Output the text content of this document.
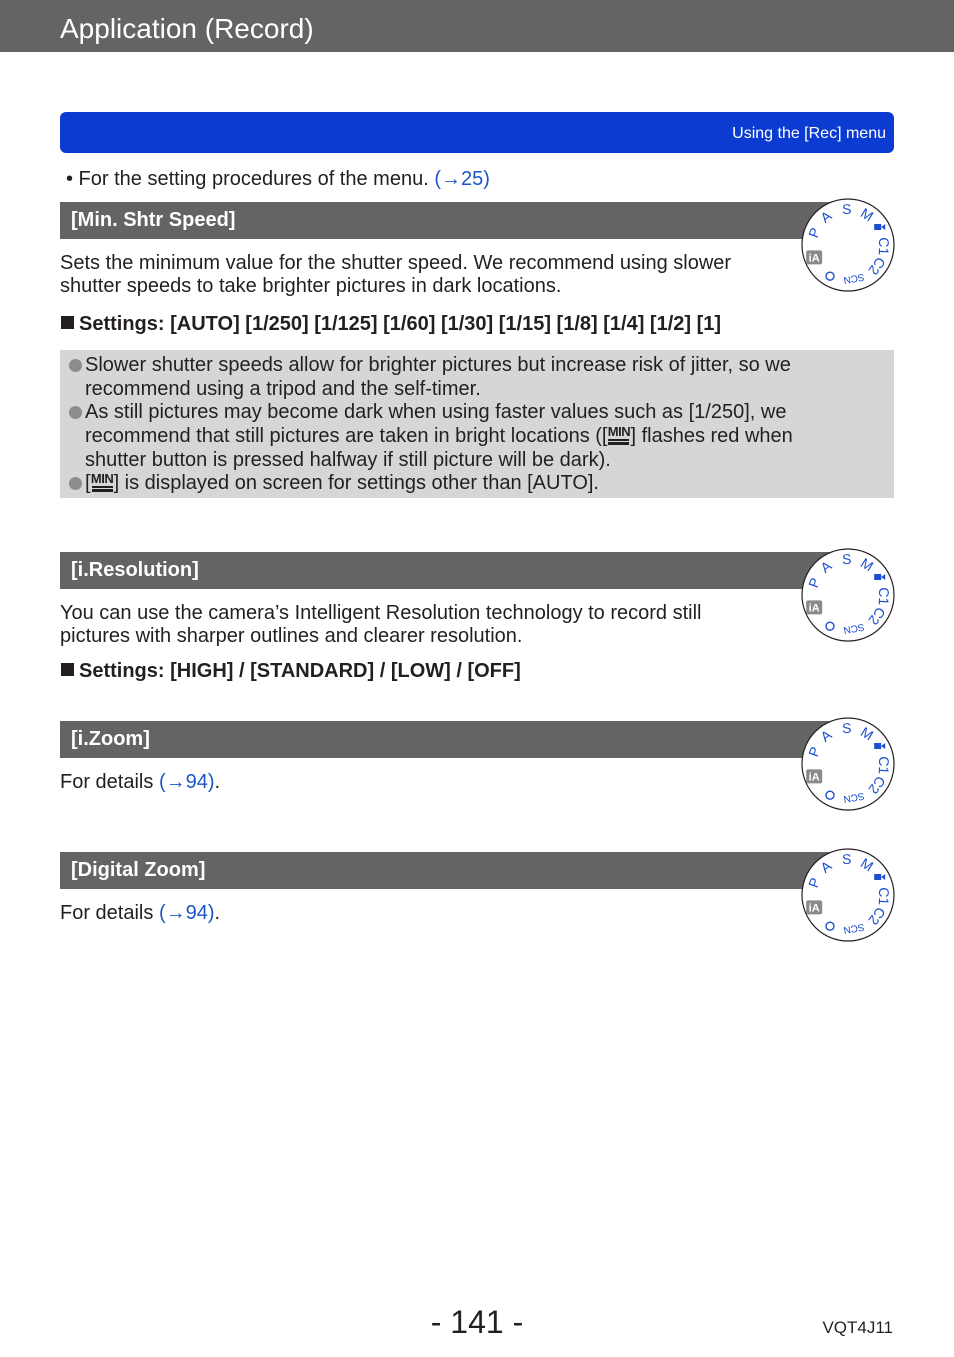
Application (Record)
Using the [Rec] menu
• For the setting procedures of the menu. (→25)
[Min. Shtr Speed]
P
A S M
C1
C2
SCN
iA
Sets the minimum value for the shutter speed. We recommend using slower
shutter speeds to take brighter pictures in dark locations.
Settings: [AUTO] [1/250] [1/125] [1/60] [1/30] [1/15] [1/8] [1/4] [1/2] [1]
Slower shutter speeds allow for brighter pictures but increase risk of jitter, so we
recommend using a tripod and the self-timer.
As still pictures may become dark when using faster values such as [1/250], we
recommend that still pictures are taken in bright locations ([ MIN ] flashes red when
shutter button is pressed halfway if still picture will be dark).
[ MIN ] is displayed on screen for settings other than [AUTO].
[i.Resolution]
P
A S M
C1
C2
SCN
iA
You can use the camera’s Intelligent Resolution technology to record still
pictures with sharper outlines and clearer resolution.
Settings: [HIGH] / [STANDARD] / [LOW] / [OFF]
[i.Zoom]
P
A S M
C1
C2
SCN
iA
For details (→94).
[Digital Zoom]
P
A S M
C1
C2
SCN
iA
For details (→94).
- 141 -	VQT4J11
